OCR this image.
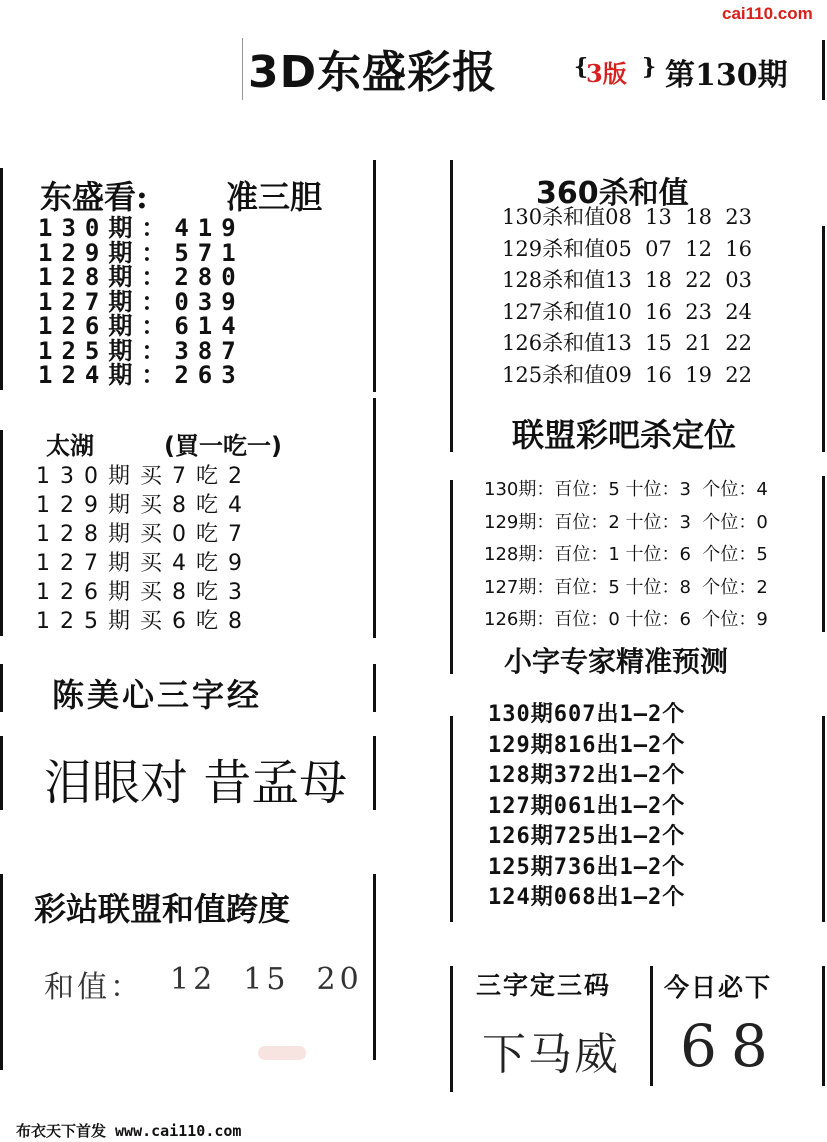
cai110.com
3D东盛彩报	{
3版 } 第130期
东盛看: 准三胆
130期：419
129期：571
128期：280
127期：039
126期：614
125期：387
124期：263
太湖​	(買一吃一)
130期买7吃2
129期买8吃4
128期买0吃7
127期买4吃9
126期买8吃3
125期买6吃8
陈美心三字经
泪眼对 昔孟母
彩站联盟和值跨度
和值： 12  15  20
360杀和值
130杀和值08  13  18  23
129杀和值05  07  12  16
128杀和值13  18  22  03
127杀和值10  16  23  24
126杀和值13  15  21  22
125杀和值09  16  19  22
联盟彩吧杀定位
130期：百位：5 十位：3  个位：4
129期：百位：2 十位：3  个位：0
128期：百位：1 十位：6  个位：5
127期：百位：5 十位：8  个位：2
126期：百位：0 十位：6  个位：9
小字专家精准预测
130期607出1—2个
129期816出1—2个
128期372出1—2个
127期061出1—2个
126期725出1—2个
125期736出1—2个
124期068出1—2个
三字定三码
下马威
今日必下
68
布衣天下首发 www.cai110.com
